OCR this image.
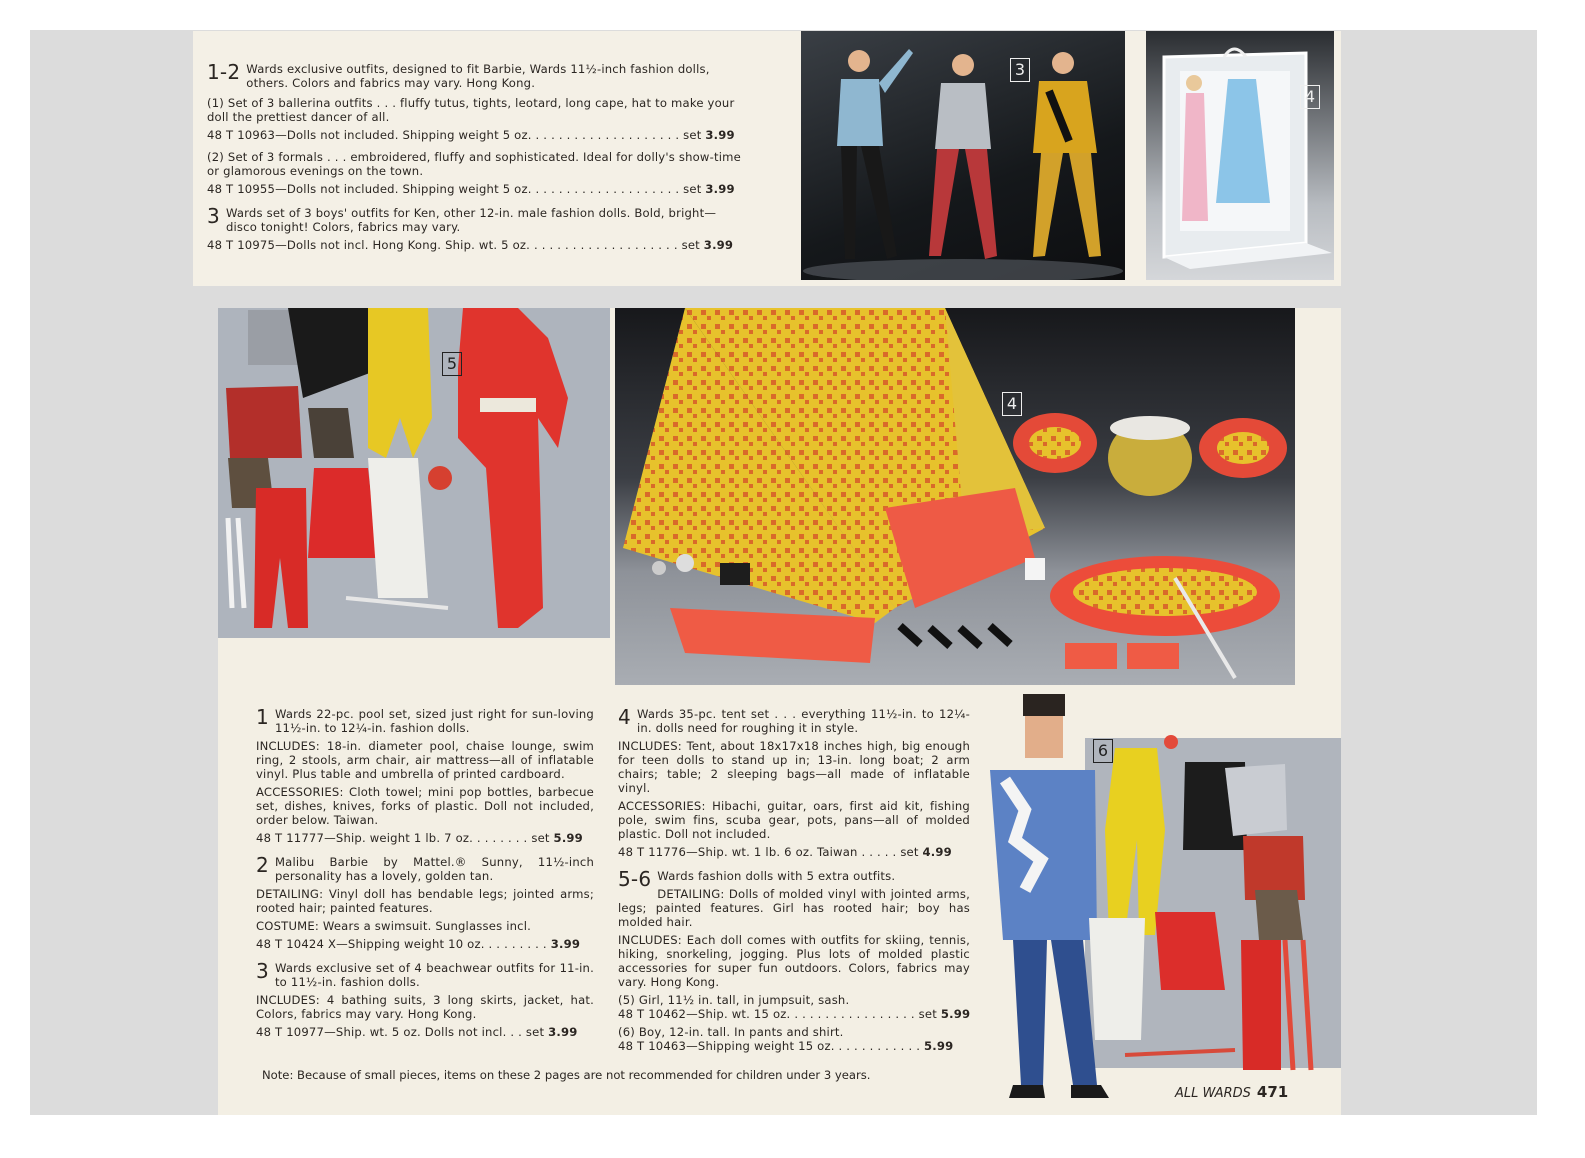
1-2 Wards exclusive outfits, designed to fit Barbie, Wards 11½-inch fashion dolls, others. Colors and fabrics may vary. Hong Kong.

(1) Set of 3 ballerina outfits . . . fluffy tutus, tights, leotard, long cape, hat to make your doll the prettiest dancer of all.

48 T 10963—Dolls not included. Shipping weight 5 oz. . . . . . . . . . . . . . . . . . . . set 3.99

(2) Set of 3 formals . . . embroidered, fluffy and sophisticated. Ideal for dolly's show-time or glamorous evenings on the town.

48 T 10955—Dolls not included. Shipping weight 5 oz. . . . . . . . . . . . . . . . . . . . set 3.99

3 Wards set of 3 boys' outfits for Ken, other 12-in. male fashion dolls. Bold, bright— disco tonight! Colors, fabrics may vary.

48 T 10975—Dolls not incl. Hong Kong. Ship. wt. 5 oz. . . . . . . . . . . . . . . . . . . . set 3.99

3
4
5
4
6

1 Wards 22-pc. pool set, sized just right for sun-loving 11½-in. to 12¼-in. fashion dolls.

INCLUDES: 18-in. diameter pool, chaise lounge, swim ring, 2 stools, arm chair, air mattress—all of inflatable vinyl. Plus table and umbrella of printed cardboard.

ACCESSORIES: Cloth towel; mini pop bottles, barbecue set, dishes, knives, forks of plastic. Doll not included, order below. Taiwan.

48 T 11777—Ship. weight 1 lb. 7 oz. . . . . . . . set 5.99

2 Malibu Barbie by Mattel.® Sunny, 11½-inch personality has a lovely, golden tan.

DETAILING: Vinyl doll has bendable legs; jointed arms; rooted hair; painted features.

COSTUME: Wears a swimsuit. Sunglasses incl.

48 T 10424 X—Shipping weight 10 oz. . . . . . . . . 3.99

3 Wards exclusive set of 4 beachwear outfits for 11-in. to 11½-in. fashion dolls.

INCLUDES: 4 bathing suits, 3 long skirts, jacket, hat. Colors, fabrics may vary. Hong Kong.

48 T 10977—Ship. wt. 5 oz. Dolls not incl. . . set 3.99

4 Wards 35-pc. tent set . . . everything 11½-in. to 12¼-in. dolls need for roughing it in style.

INCLUDES: Tent, about 18x17x18 inches high, big enough for teen dolls to stand up in; 13-in. long boat; 2 arm chairs; table; 2 sleeping bags—all made of inflatable vinyl.

ACCESSORIES: Hibachi, guitar, oars, first aid kit, fishing pole, swim fins, scuba gear, pots, pans—all of molded plastic. Doll not included.

48 T 11776—Ship. wt. 1 lb. 6 oz. Taiwan . . . . . set 4.99

5-6 Wards fashion dolls with 5 extra outfits.

DETAILING: Dolls of molded vinyl with jointed arms, legs; painted features. Girl has rooted hair; boy has molded hair.

INCLUDES: Each doll comes with outfits for skiing, tennis, hiking, snorkeling, jogging. Plus lots of molded plastic accessories for super fun outdoors. Colors, fabrics may vary. Hong Kong.

(5) Girl, 11½ in. tall, in jumpsuit, sash.

48 T 10462—Ship. wt. 15 oz. . . . . . . . . . . . . . . . . set 5.99

(6) Boy, 12-in. tall. In pants and shirt.

48 T 10463—Shipping weight 15 oz. . . . . . . . . . . . 5.99

Note: Because of small pieces, items on these 2 pages are not recommended for children under 3 years.
ALL WARDS 471
